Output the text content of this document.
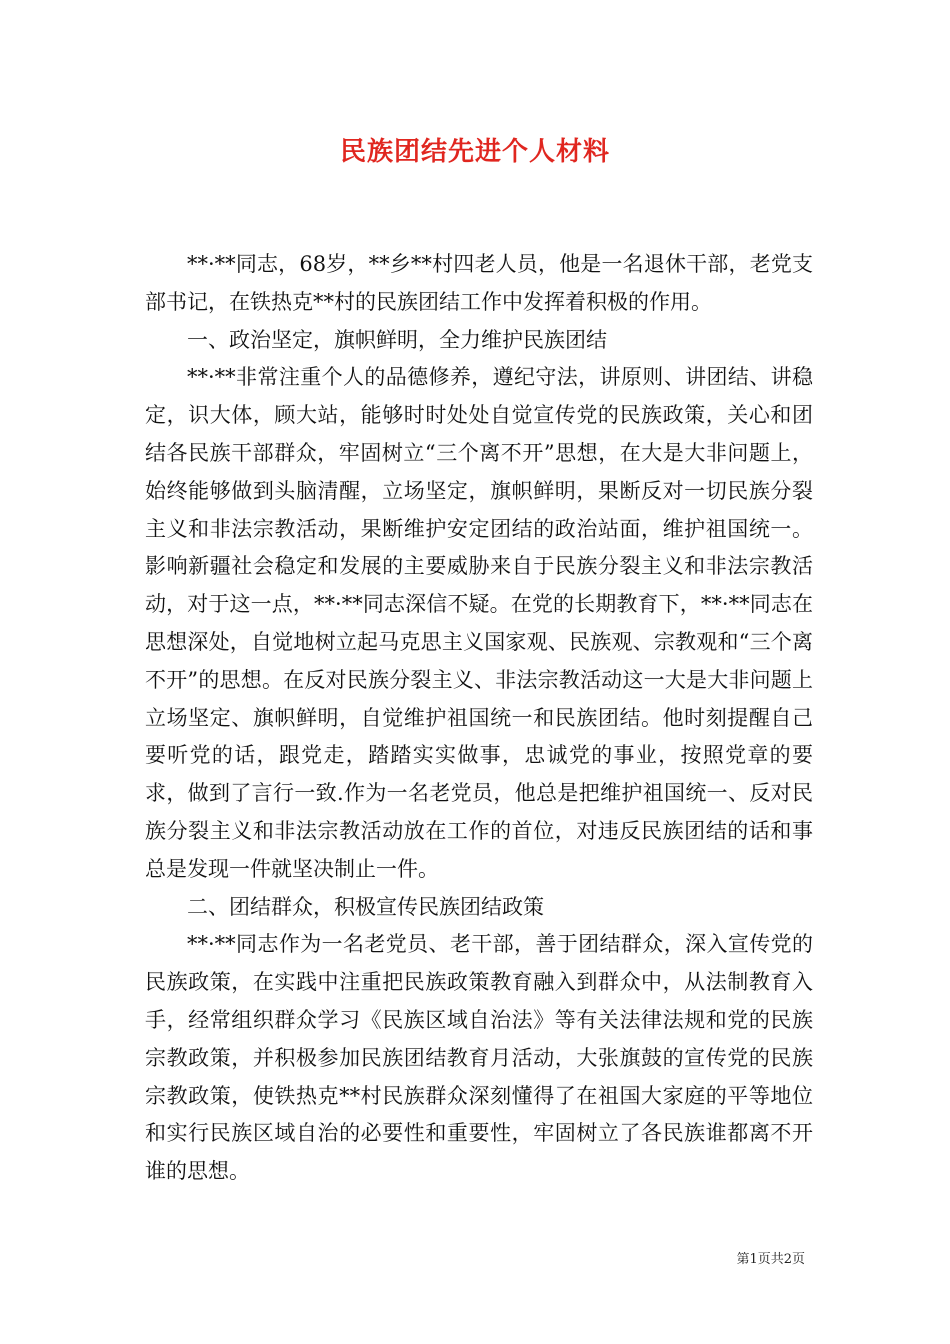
民族团结先进个人材料

**·**同志，68岁，**乡**村四老人员，他是一名退休干部，老党支部书记，在铁热克**村的民族团结工作中发挥着积极的作用。

一、政治坚定，旗帜鲜明，全力维护民族团结

**·**非常注重个人的品德修养，遵纪守法，讲原则、讲团结、讲稳定，识大体，顾大站，能够时时处处自觉宣传党的民族政策，关心和团结各民族干部群众，牢固树立“三个离不开”思想，在大是大非问题上，始终能够做到头脑清醒，立场坚定，旗帜鲜明，果断反对一切民族分裂主义和非法宗教活动，果断维护安定团结的政治站面，维护祖国统一。影响新疆社会稳定和发展的主要威胁来自于民族分裂主义和非法宗教活动，对于这一点，**·**同志深信不疑。在党的长期教育下，**·**同志在思想深处，自觉地树立起马克思主义国家观、民族观、宗教观和“三个离不开”的思想。在反对民族分裂主义、非法宗教活动这一大是大非问题上立场坚定、旗帜鲜明，自觉维护祖国统一和民族团结。他时刻提醒自己要听党的话，跟党走，踏踏实实做事，忠诚党的事业，按照党章的要求，做到了言行一致.作为一名老党员，他总是把维护祖国统一、反对民族分裂主义和非法宗教活动放在工作的首位，对违反民族团结的话和事总是发现一件就坚决制止一件。

二、团结群众，积极宣传民族团结政策

**·**同志作为一名老党员、老干部，善于团结群众，深入宣传党的民族政策，在实践中注重把民族政策教育融入到群众中，从法制教育入手，经常组织群众学习《民族区域自治法》等有关法律法规和党的民族宗教政策，并积极参加民族团结教育月活动，大张旗鼓的宣传党的民族宗教政策，使铁热克**村民族群众深刻懂得了在祖国大家庭的平等地位和实行民族区域自治的必要性和重要性，牢固树立了各民族谁都离不开谁的思想。

第1页共2页
